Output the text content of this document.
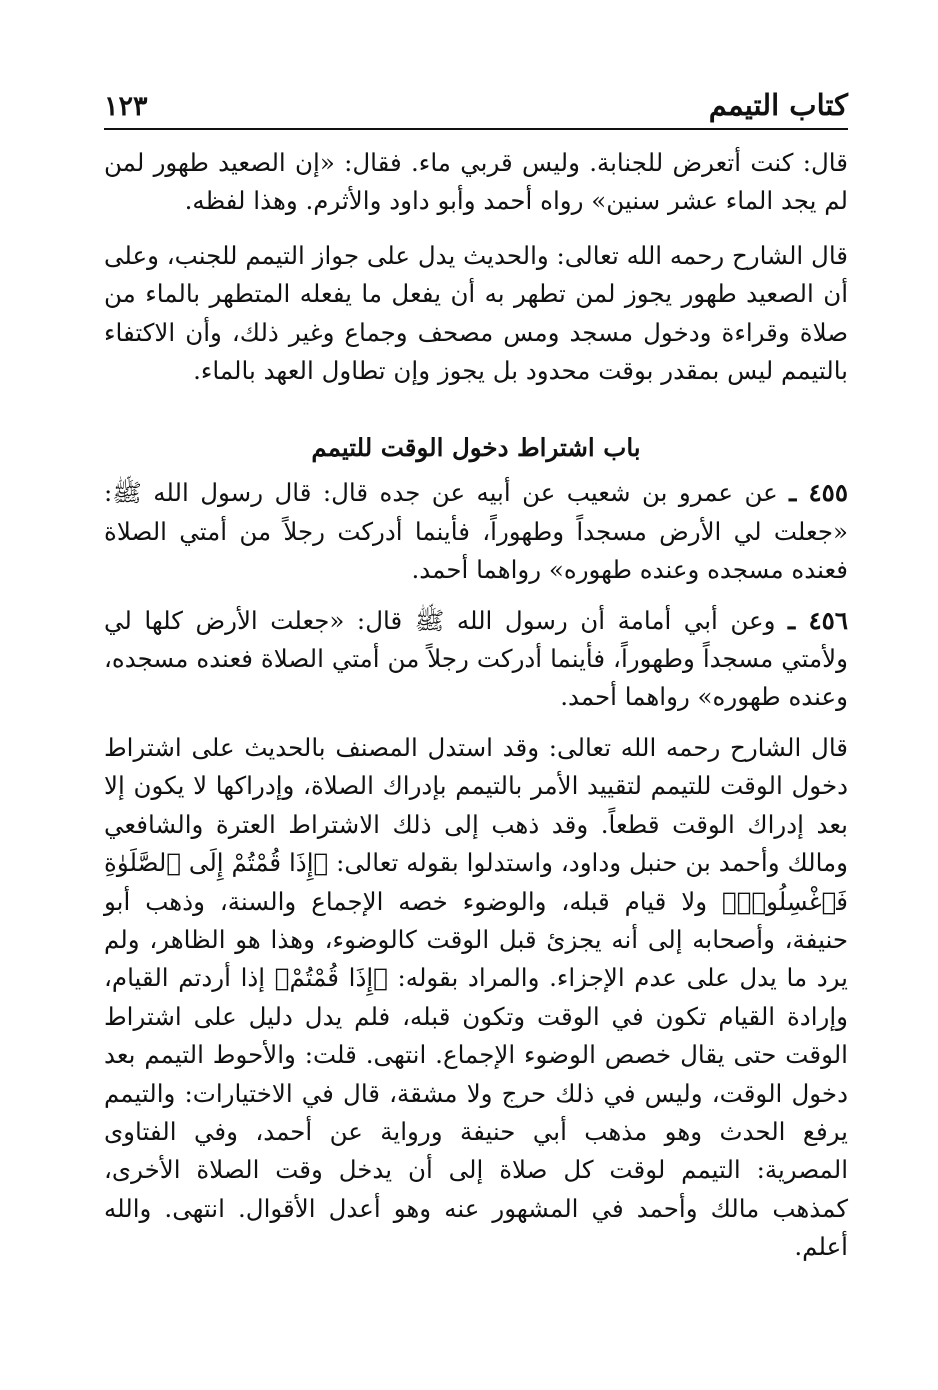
كتاب التيمم
١٢٣

قال: كنت أتعرض للجنابة. وليس قربي ماء. فقال: «إن الصعيد طهور لمن لم يجد الماء عشر سنين» رواه أحمد وأبو داود والأثرم. وهذا لفظه.

قال الشارح رحمه الله تعالى: والحديث يدل على جواز التيمم للجنب، وعلى أن الصعيد طهور يجوز لمن تطهر به أن يفعل ما يفعله المتطهر بالماء من صلاة وقراءة ودخول مسجد ومس مصحف وجماع وغير ذلك، وأن الاكتفاء بالتيمم ليس بمقدر بوقت محدود بل يجوز وإن تطاول العهد بالماء.

باب اشتراط دخول الوقت للتيمم

٤٥٥ ـ عن عمرو بن شعيب عن أبيه عن جده قال: قال رسول الله ﷺ: «جعلت لي الأرض مسجداً وطهوراً، فأينما أدركت رجلاً من أمتي الصلاة فعنده مسجده وعنده طهوره» رواهما أحمد.

٤٥٦ ـ وعن أبي أمامة أن رسول الله ﷺ قال: «جعلت الأرض كلها لي ولأمتي مسجداً وطهوراً، فأينما أدركت رجلاً من أمتي الصلاة فعنده مسجده، وعنده طهوره» رواهما أحمد.

قال الشارح رحمه الله تعالى: وقد استدل المصنف بالحديث على اشتراط دخول الوقت للتيمم لتقييد الأمر بالتيمم بإدراك الصلاة، وإدراكها لا يكون إلا بعد إدراك الوقت قطعاً. وقد ذهب إلى ذلك الاشتراط العترة والشافعي ومالك وأحمد بن حنبل وداود، واستدلوا بقوله تعالى: ﴿إِذَا قُمْتُمْ إِلَى ٱلصَّلَوٰةِ فَٱغْسِلُوا۟﴾ ولا قيام قبله، والوضوء خصه الإجماع والسنة، وذهب أبو حنيفة، وأصحابه إلى أنه يجزئ قبل الوقت كالوضوء، وهذا هو الظاهر، ولم يرد ما يدل على عدم الإجزاء. والمراد بقوله: ﴿إِذَا قُمْتُمْ﴾ إذا أردتم القيام، وإرادة القيام تكون في الوقت وتكون قبله، فلم يدل دليل على اشتراط الوقت حتى يقال خصص الوضوء الإجماع. انتهى. قلت: والأحوط التيمم بعد دخول الوقت، وليس في ذلك حرج ولا مشقة، قال في الاختيارات: والتيمم يرفع الحدث وهو مذهب أبي حنيفة ورواية عن أحمد، وفي الفتاوى المصرية: التيمم لوقت كل صلاة إلى أن يدخل وقت الصلاة الأخرى، كمذهب مالك وأحمد في المشهور عنه وهو أعدل الأقوال. انتهى. والله أعلم.
